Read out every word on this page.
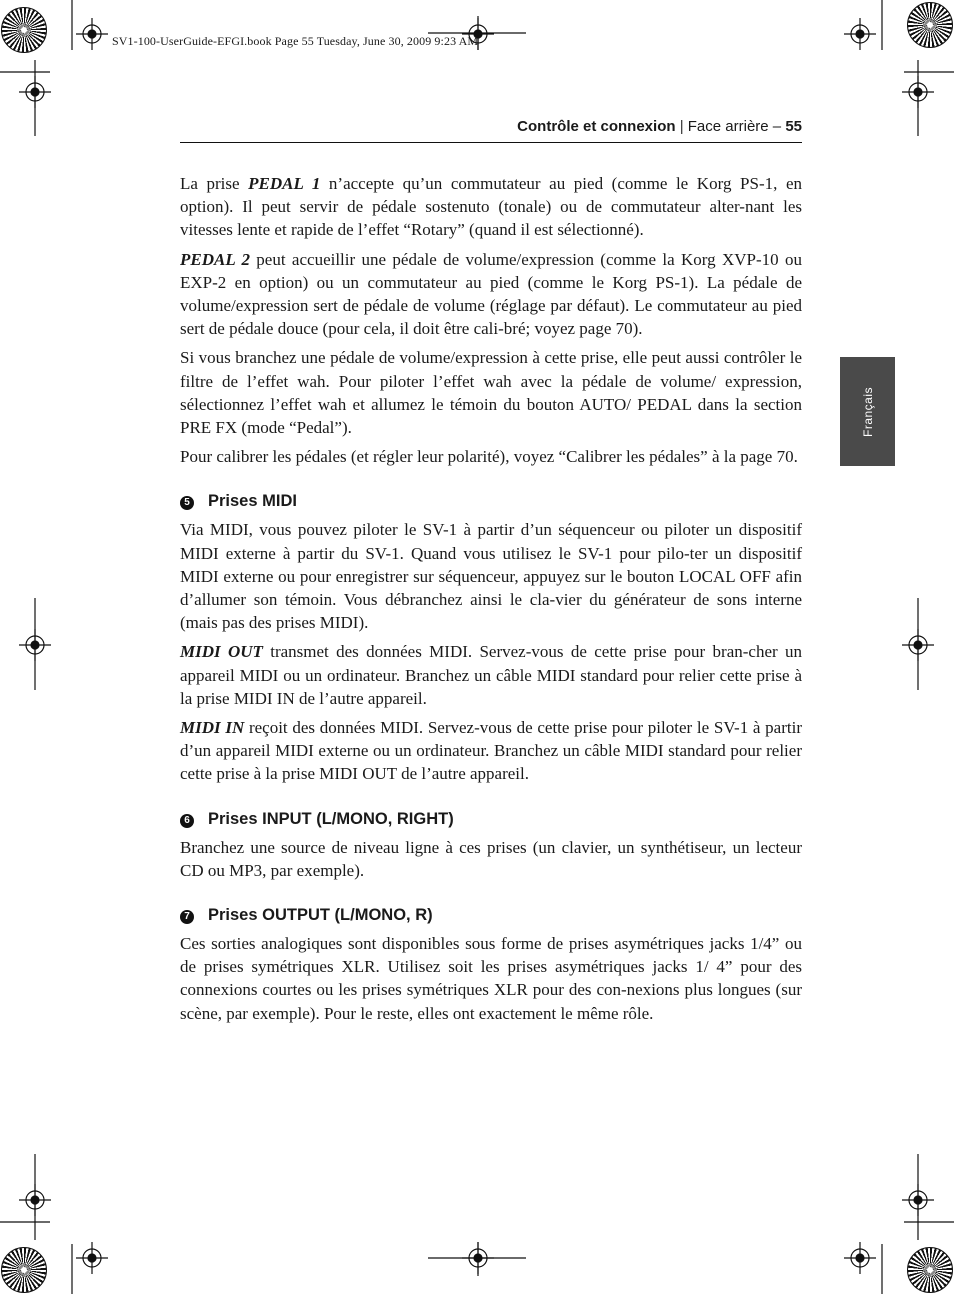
SV1-100-UserGuide-EFGI.book Page 55 Tuesday, June 30, 2009 9:23 AM
Contrôle et connexion | Face arrière – 55
Français

La prise PEDAL 1 n’accepte qu’un commutateur au pied (comme le Korg PS-1, en option). Il peut servir de pédale sostenuto (tonale) ou de commutateur alter-nant les vitesses lente et rapide de l’effet “Rotary” (quand il est sélectionné).

PEDAL 2 peut accueillir une pédale de volume/expression (comme la Korg XVP-10 ou EXP-2 en option) ou un commutateur au pied (comme le Korg PS-1). La pédale de volume/expression sert de pédale de volume (réglage par défaut). Le commutateur au pied sert de pédale douce (pour cela, il doit être cali-bré; voyez page 70).

Si vous branchez une pédale de volume/expression à cette prise, elle peut aussi contrôler le filtre de l’effet wah. Pour piloter l’effet wah avec la pédale de volume/ expression, sélectionnez l’effet wah et allumez le témoin du bouton AUTO/ PEDAL dans la section PRE FX (mode “Pedal”).

Pour calibrer les pédales (et régler leur polarité), voyez “Calibrer les pédales” à la page 70.

5 Prises MIDI

Via MIDI, vous pouvez piloter le SV-1 à partir d’un séquenceur ou piloter un dispositif MIDI externe à partir du SV-1. Quand vous utilisez le SV-1 pour pilo-ter un dispositif MIDI externe ou pour enregistrer sur séquenceur, appuyez sur le bouton LOCAL OFF afin d’allumer son témoin. Vous débranchez ainsi le cla-vier du générateur de sons interne (mais pas des prises MIDI).

MIDI OUT transmet des données MIDI. Servez-vous de cette prise pour bran-cher un appareil MIDI ou un ordinateur. Branchez un câble MIDI standard pour relier cette prise à la prise MIDI IN de l’autre appareil.

MIDI IN reçoit des données MIDI. Servez-vous de cette prise pour piloter le SV-1 à partir d’un appareil MIDI externe ou un ordinateur. Branchez un câble MIDI standard pour relier cette prise à la prise MIDI OUT de l’autre appareil.

6 Prises INPUT (L/MONO, RIGHT)

Branchez une source de niveau ligne à ces prises (un clavier, un synthétiseur, un lecteur CD ou MP3, par exemple).

7 Prises OUTPUT (L/MONO, R)

Ces sorties analogiques sont disponibles sous forme de prises asymétriques jacks 1/4” ou de prises symétriques XLR. Utilisez soit les prises asymétriques jacks 1/ 4” pour des connexions courtes ou les prises symétriques XLR pour des con-nexions plus longues (sur scène, par exemple). Pour le reste, elles ont exactement le même rôle.
